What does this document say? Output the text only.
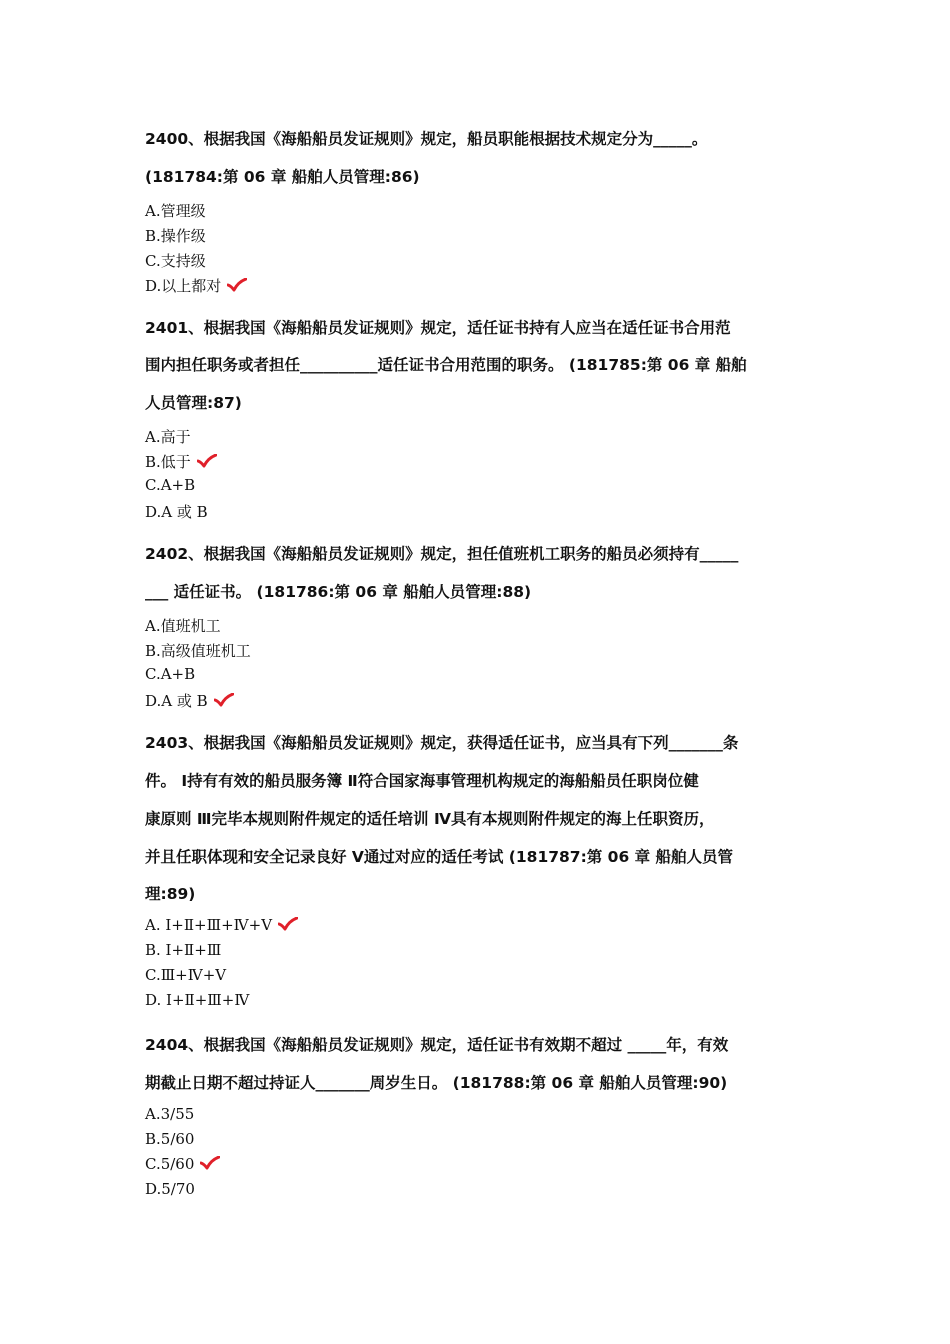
2400、根据我国《海船船员发证规则》规定，船员职能根据技术规定分为_____。
(181784:第 06 章 船舶人员管理:86)
A.管理级
B.操作级
C.支持级
D.以上都对
2401、根据我国《海船船员发证规则》规定，适任证书持有人应当在适任证书合用范
围内担任职务或者担任__________适任证书合用范围的职务。 (181785:第 06 章 船舶
人员管理:87)
A.高于
B.低于
C.A+B
D.A 或 B
2402、根据我国《海船船员发证规则》规定，担任值班机工职务的船员必须持有_____
___ 适任证书。 (181786:第 06 章 船舶人员管理:88)
A.值班机工
B.高级值班机工
C.A+B
D.A 或 B
2403、根据我国《海船船员发证规则》规定，获得适任证书，应当具有下列_______条
件。 Ⅰ持有有效的船员服务簿 Ⅱ符合国家海事管理机构规定的海船船员任职岗位健
康原则 Ⅲ完毕本规则附件规定的适任培训 Ⅳ具有本规则附件规定的海上任职资历，
并且任职体现和安全记录良好 Ⅴ通过对应的适任考试 (181787:第 06 章 船舶人员管
理:89)
A. Ⅰ+Ⅱ+Ⅲ+Ⅳ+Ⅴ
B. Ⅰ+Ⅱ+Ⅲ
C.Ⅲ+Ⅳ+Ⅴ
D. Ⅰ+Ⅱ+Ⅲ+Ⅳ
2404、根据我国《海船船员发证规则》规定，适任证书有效期不超过 _____年，有效
期截止日期不超过持证人_______周岁生日。 (181788:第 06 章 船舶人员管理:90)
A.3/55
B.5/60
C.5/60
D.5/70
